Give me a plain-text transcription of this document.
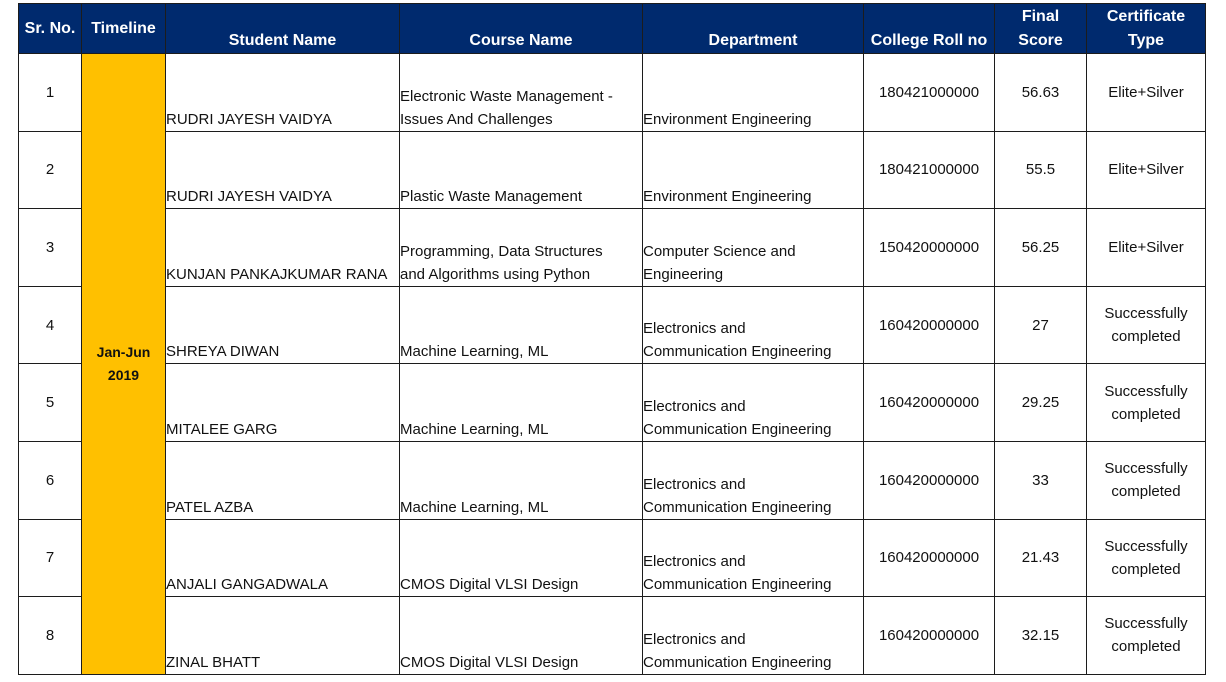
Sr. No.	Timeline	Student Name	Course Name	Department	College Roll no	Final
Score	Certificate
Type

1	Jan-Jun
2019	RUDRI JAYESH VAIDYA	Electronic Waste Management -
Issues And Challenges	Environment Engineering	180421000000	56.63	Elite+Silver

2		RUDRI JAYESH VAIDYA	Plastic Waste Management	Environment Engineering	180421000000	55.5	Elite+Silver

3		KUNJAN PANKAJKUMAR RANA	Programming, Data Structures
and Algorithms using Python	Computer Science and
Engineering	150420000000	56.25	Elite+Silver

4		SHREYA DIWAN	Machine Learning, ML	Electronics and
Communication Engineering	160420000000	27	Successfully
completed

5		MITALEE GARG	Machine Learning, ML	Electronics and
Communication Engineering	160420000000	29.25	Successfully
completed

6		PATEL AZBA	Machine Learning, ML	Electronics and
Communication Engineering	160420000000	33	Successfully
completed

7		ANJALI GANGADWALA	CMOS Digital VLSI Design	Electronics and
Communication Engineering	160420000000	21.43	Successfully
completed

8		ZINAL BHATT	CMOS Digital VLSI Design	Electronics and
Communication Engineering	160420000000	32.15	Successfully
completed
